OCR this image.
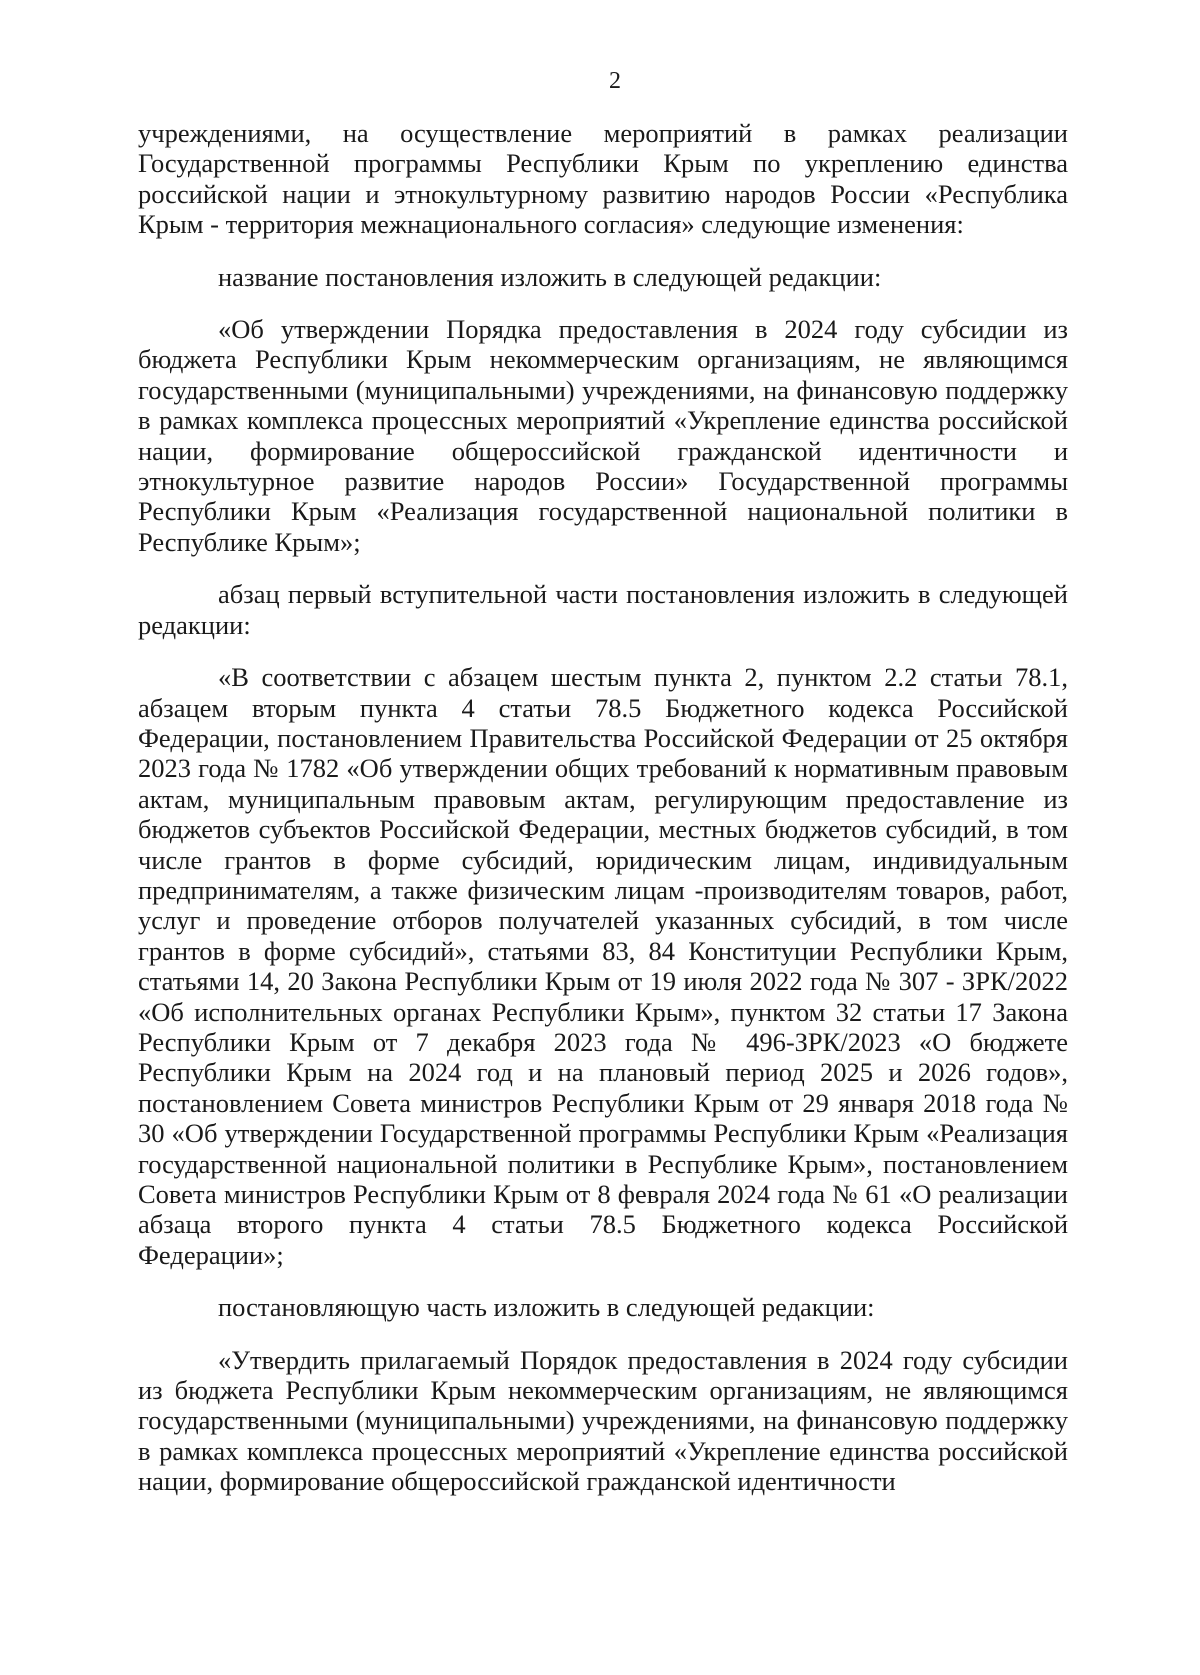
2

учреждениями, на осуществление мероприятий в рамках реализации Государственной программы Республики Крым по укреплению единства российской нации и этнокультурному развитию народов России «Республика Крым - территория межнационального согласия» следующие изменения:

название постановления изложить в следующей редакции:

«Об утверждении Порядка предоставления в 2024 году субсидии из бюджета Республики Крым некоммерческим организациям, не являющимся государственными (муниципальными) учреждениями, на финансовую поддержку в рамках комплекса процессных мероприятий «Укрепление единства российской нации, формирование общероссийской гражданской идентичности и этнокультурное развитие народов России» Государственной программы Республики Крым «Реализация государственной национальной политики в Республике Крым»;

абзац первый вступительной части постановления изложить в следующей редакции:

«В соответствии с абзацем шестым пункта 2, пунктом 2.2 статьи 78.1, абзацем вторым пункта 4 статьи 78.5 Бюджетного кодекса Российской Федерации, постановлением Правительства Российской Федерации от 25 октября 2023 года № 1782 «Об утверждении общих требований к нормативным правовым актам, муниципальным правовым актам, регулирующим предоставление из бюджетов субъектов Российской Федерации, местных бюджетов субсидий, в том числе грантов в форме субсидий, юридическим лицам, индивидуальным предпринимателям, а также физическим лицам -производителям товаров, работ, услуг и проведение отборов получателей указанных субсидий, в том числе грантов в форме субсидий», статьями 83, 84 Конституции Республики Крым, статьями 14, 20 Закона Республики Крым от 19 июля 2022 года № 307 - ЗРК/2022 «Об исполнительных органах Республики Крым», пунктом 32 статьи 17 Закона Республики Крым от 7 декабря 2023 года № 496-ЗРК/2023 «О бюджете Республики Крым на 2024 год и на плановый период 2025 и 2026 годов», постановлением Совета министров Республики Крым от 29 января 2018 года № 30 «Об утверждении Государственной программы Республики Крым «Реализация государственной национальной политики в Республике Крым», постановлением Совета министров Республики Крым от 8 февраля 2024 года № 61 «О реализации абзаца второго пункта 4 статьи 78.5 Бюджетного кодекса Российской Федерации»;

постановляющую часть изложить в следующей редакции:

«Утвердить прилагаемый Порядок предоставления в 2024 году субсидии из бюджета Республики Крым некоммерческим организациям, не являющимся государственными (муниципальными) учреждениями, на финансовую поддержку в рамках комплекса процессных мероприятий «Укрепление единства российской нации, формирование общероссийской гражданской идентичности
